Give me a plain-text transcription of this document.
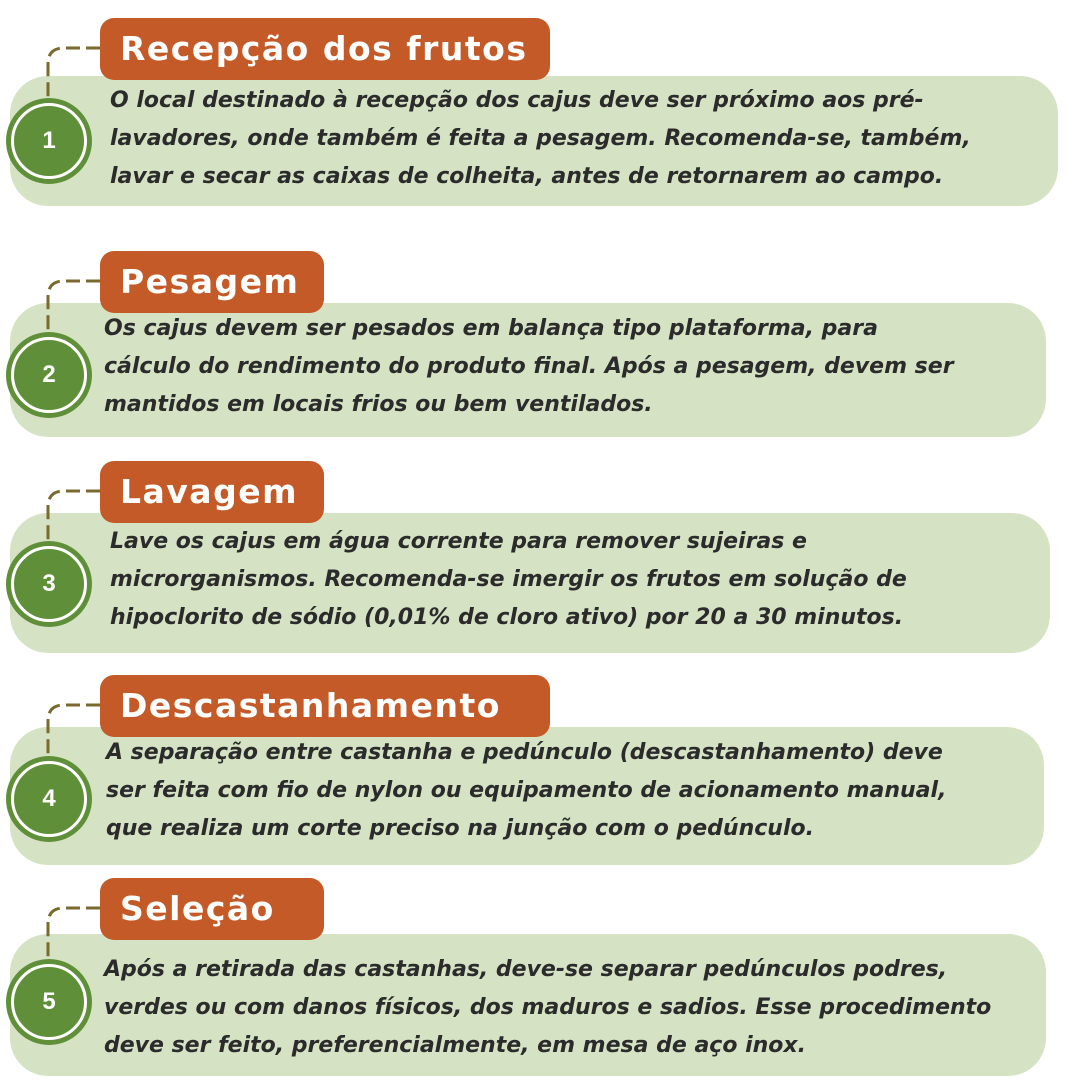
Recepção dos frutos
1
O local destinado à recepção dos cajus deve ser próximo aos pré-
lavadores, onde também é feita a pesagem. Recomenda-se, também,
lavar e secar as caixas de colheita, antes de retornarem ao campo.
Pesagem
2
Os cajus devem ser pesados em balança tipo plataforma, para
cálculo do rendimento do produto final. Após a pesagem, devem ser
mantidos em locais frios ou bem ventilados.
Lavagem
3
Lave os cajus em água corrente para remover sujeiras e
microrganismos. Recomenda-se imergir os frutos em solução de
hipoclorito de sódio (0,01% de cloro ativo) por 20 a 30 minutos.
Descastanhamento
4
A separação entre castanha e pedúnculo (descastanhamento) deve
ser feita com fio de nylon ou equipamento de acionamento manual,
que realiza um corte preciso na junção com o pedúnculo.
Seleção
5
Após a retirada das castanhas, deve-se separar pedúnculos podres,
verdes ou com danos físicos, dos maduros e sadios. Esse procedimento
deve ser feito, preferencialmente, em mesa de aço inox.
